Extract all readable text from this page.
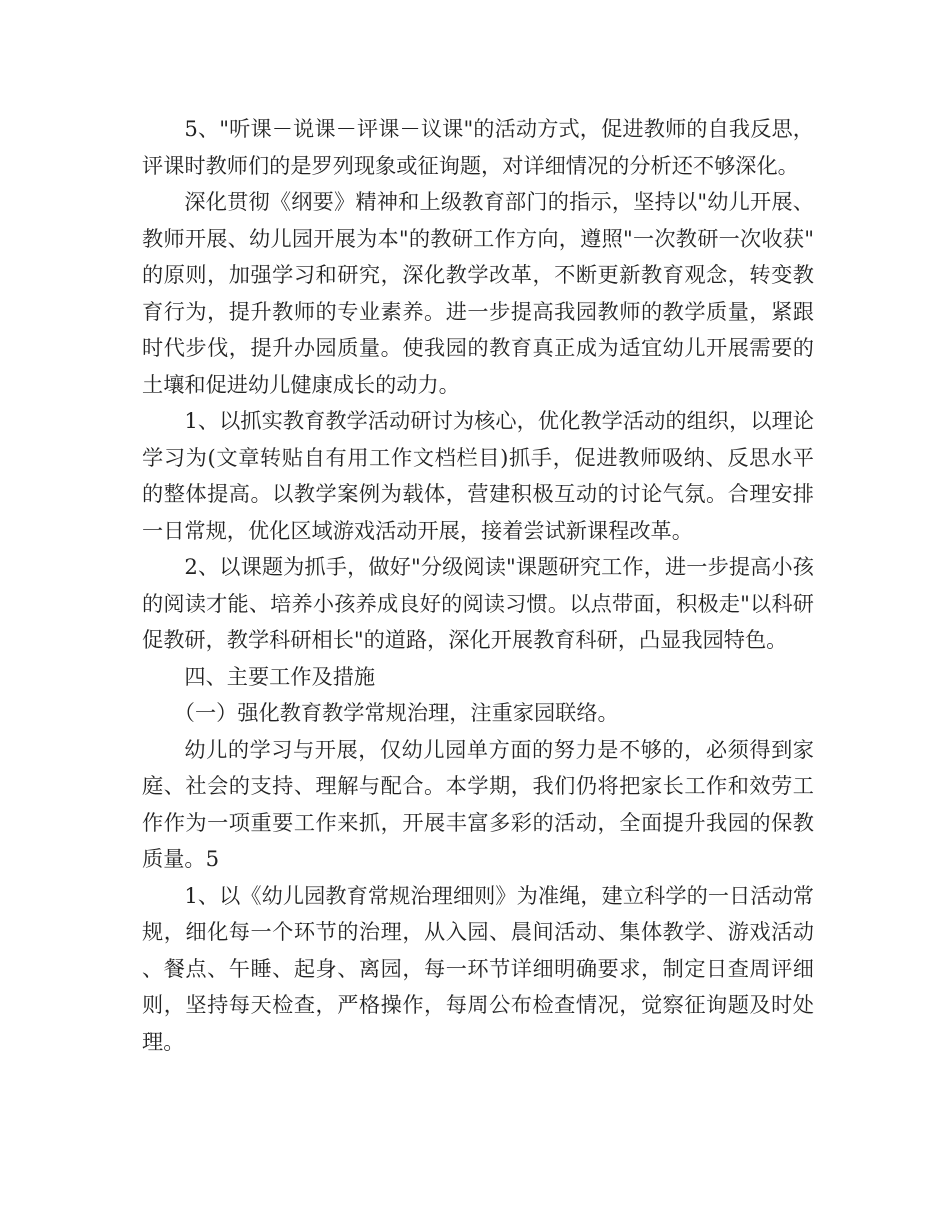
5、"听课－说课－评课－议课"的活动方式，促进教师的自我反思，评课时教师们的是罗列现象或征询题，对详细情况的分析还不够深化。

深化贯彻《纲要》精神和上级教育部门的指示，坚持以"幼儿开展、教师开展、幼儿园开展为本"的教研工作方向，遵照"一次教研一次收获"的原则，加强学习和研究，深化教学改革，不断更新教育观念，转变教育行为，提升教师的专业素养。进一步提高我园教师的教学质量，紧跟时代步伐，提升办园质量。使我园的教育真正成为适宜幼儿开展需要的土壤和促进幼儿健康成长的动力。

1、以抓实教育教学活动研讨为核心，优化教学活动的组织，以理论学习为(文章转贴自有用工作文档栏目)抓手，促进教师吸纳、反思水平的整体提高。以教学案例为载体，营建积极互动的讨论气氛。合理安排一日常规，优化区域游戏活动开展，接着尝试新课程改革。

2、以课题为抓手，做好"分级阅读"课题研究工作，进一步提高小孩的阅读才能、培养小孩养成良好的阅读习惯。以点带面，积极走"以科研促教研，教学科研相长"的道路，深化开展教育科研，凸显我园特色。

四、主要工作及措施

（一）强化教育教学常规治理，注重家园联络。

幼儿的学习与开展，仅幼儿园单方面的努力是不够的，必须得到家庭、社会的支持、理解与配合。本学期，我们仍将把家长工作和效劳工作作为一项重要工作来抓，开展丰富多彩的活动，全面提升我园的保教质量。5

1、以《幼儿园教育常规治理细则》为准绳，建立科学的一日活动常规，细化每一个环节的治理，从入园、晨间活动、集体教学、游戏活动、餐点、午睡、起身、离园，每一环节详细明确要求，制定日查周评细则，坚持每天检查，严格操作，每周公布检查情况，觉察征询题及时处理。
